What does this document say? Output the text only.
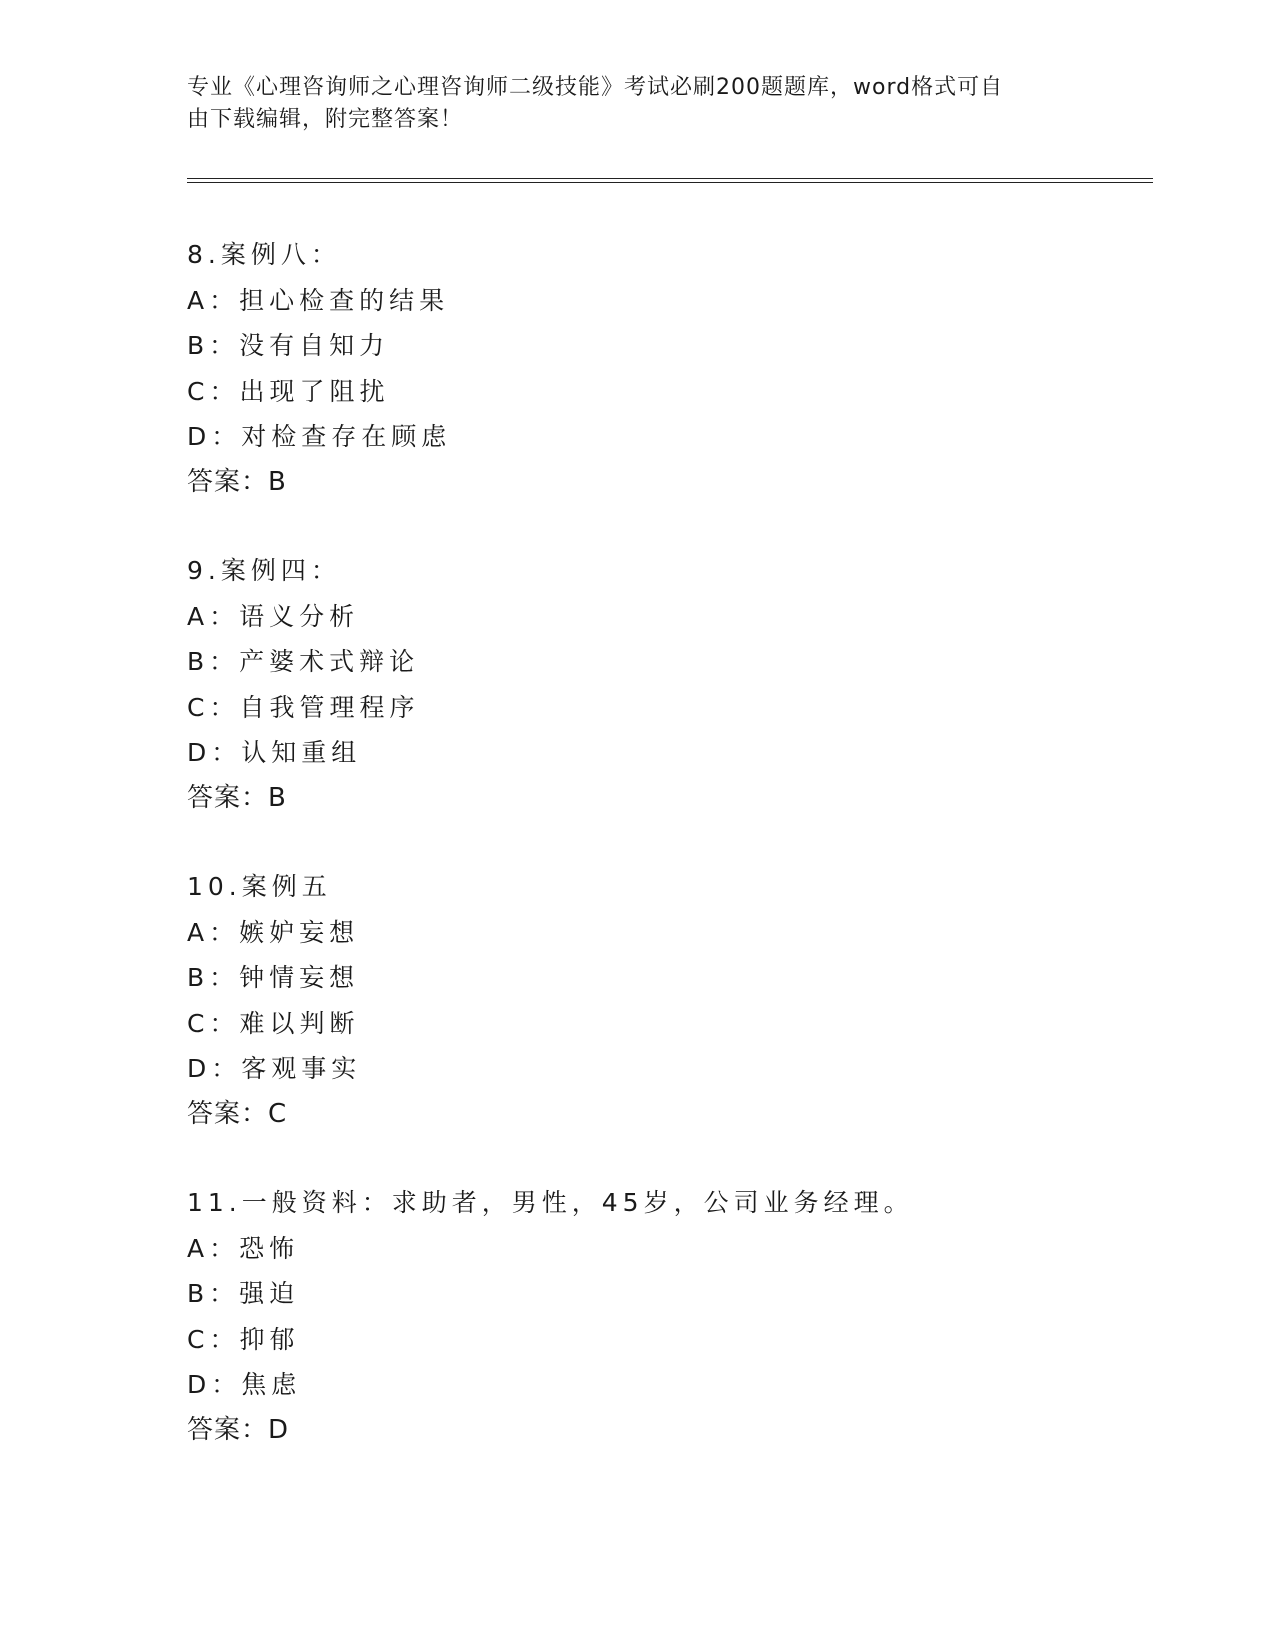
专业《心理咨询师之心理咨询师二级技能》考试必刷200题题库，word格式可自
由下载编辑，附完整答案！
8.案例八：
A：担心检查的结果
B：没有自知力
C：出现了阻扰
D：对检查存在顾虑
答案：B
9.案例四：
A：语义分析
B：产婆术式辩论
C：自我管理程序
D：认知重组
答案：B
10.案例五
A：嫉妒妄想
B：钟情妄想
C：难以判断
D：客观事实
答案：C
11.一般资料：求助者，男性，45岁，公司业务经理。
A：恐怖
B：强迫
C：抑郁
D：焦虑
答案：D
